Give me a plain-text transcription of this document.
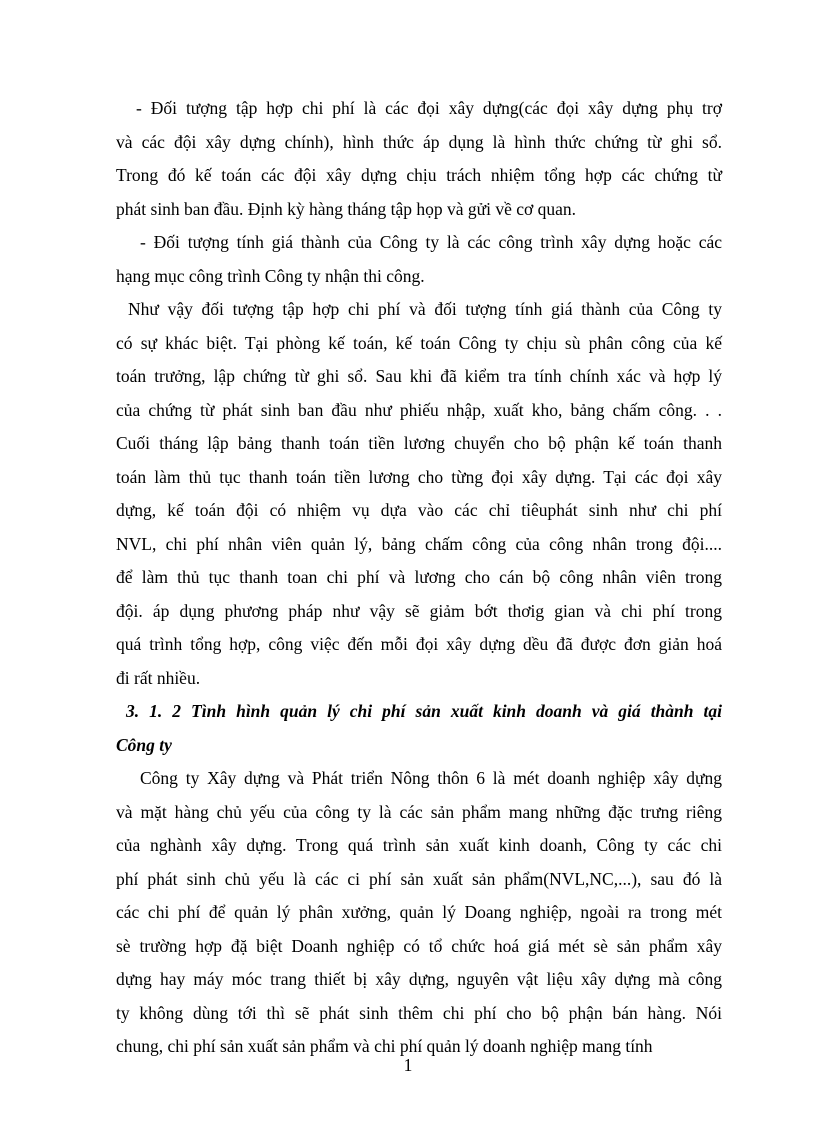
- Đối tượng tập hợp chi phí là các đọi xây dựng(các đọi xây dựng phụ trợ
và các đội xây dựng chính), hình thức áp dụng là hình thức chứng từ ghi sổ.
Trong đó kế toán các đội xây dựng chịu trách nhiệm tổng hợp các chứng từ
phát sinh ban đầu. Định kỳ hàng tháng tập họp và gửi về cơ quan.
- Đối tượng tính giá thành của Công ty là các công trình xây dựng hoặc các
hạng mục công trình Công ty nhận thi công.
Như vậy đối tượng tập hợp chi phí và đối tượng tính giá thành của Công ty
có sự khác biệt. Tại phòng kế toán, kế toán Công ty chịu sù phân công của kế
toán trưởng, lập chứng từ ghi sổ. Sau khi đã kiểm tra tính chính xác và hợp lý
của chứng từ phát sinh ban đầu như phiếu nhập, xuất kho, bảng chấm công. . .
Cuối tháng lập bảng thanh toán tiền lương chuyển cho bộ phận kế toán thanh
toán làm thủ tục thanh toán tiền lương cho từng đọi xây dựng. Tại các đọi xây
dựng, kế toán đội có nhiệm vụ dựa vào các chỉ tiêuphát sinh như chi phí
NVL, chi phí nhân viên quản lý, bảng chấm công của công nhân trong đội....
để làm thủ tục thanh toan chi phí và lương cho cán bộ công nhân viên trong
đội. áp dụng phương pháp như vậy sẽ giảm bớt thơig gian và chi phí trong
quá trình tổng hợp, công việc đến mỗi đọi xây dựng dều đã được đơn giản hoá
đi rất nhiều.
3. 1. 2 Tình hình quản lý chi phí sản xuất kinh doanh và giá thành tại
Công ty
Công ty Xây dựng và Phát triển Nông thôn 6 là mét doanh nghiệp xây dựng
và mặt hàng chủ yếu của công ty là các sản phẩm mang những đặc trưng riêng
của nghành xây dựng. Trong quá trình sản xuất kinh doanh, Công ty các chi
phí phát sinh chủ yếu là các ci phí sản xuất sản phẩm(NVL,NC,...), sau đó là
các chi phí để quản lý phân xưởng, quản lý Doang nghiệp, ngoài ra trong mét
sè trường hợp đặ biệt Doanh nghiệp có tổ chức hoá giá mét sè sản phẩm xây
dựng hay máy móc trang thiết bị xây dựng, nguyên vật liệu xây dựng mà công
ty không dùng tới thì sẽ phát sinh thêm chi phí cho bộ phận bán hàng. Nói
chung, chi phí sản xuất sản phẩm và chi phí quản lý doanh nghiệp mang tính
1
